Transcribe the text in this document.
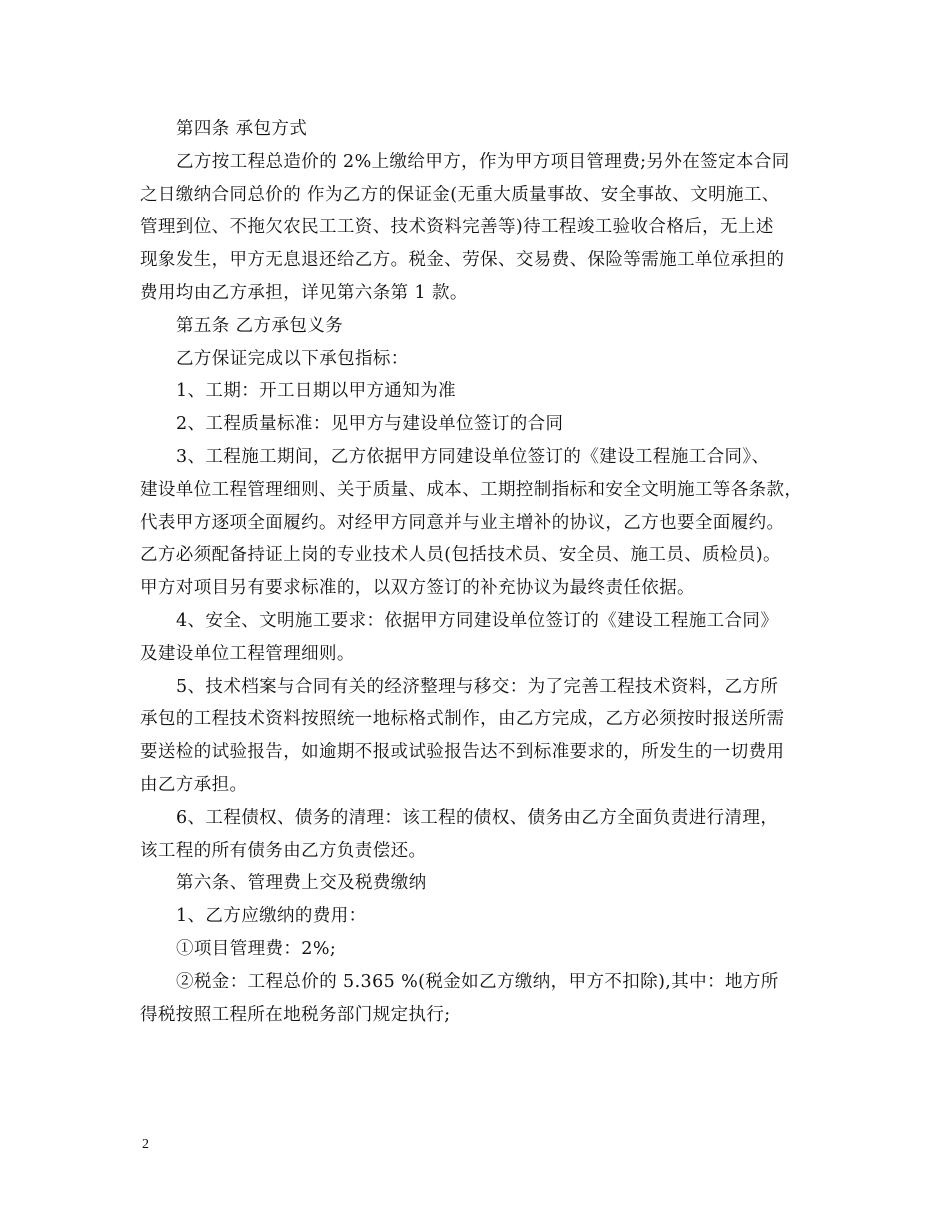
第四条 承包方式
乙方按工程总造价的 2%上缴给甲方，作为甲方项目管理费;另外在签定本合同
之日缴纳合同总价的 作为乙方的保证金(无重大质量事故、安全事故、文明施工、
管理到位、不拖欠农民工工资、技术资料完善等)待工程竣工验收合格后，无上述
现象发生，甲方无息退还给乙方。税金、劳保、交易费、保险等需施工单位承担的
费用均由乙方承担，详见第六条第 1 款。
第五条 乙方承包义务
乙方保证完成以下承包指标：
1、工期：开工日期以甲方通知为准
2、工程质量标准：见甲方与建设单位签订的合同
3、工程施工期间，乙方依据甲方同建设单位签订的《建设工程施工合同》、
建设单位工程管理细则、关于质量、成本、工期控制指标和安全文明施工等各条款，
代表甲方逐项全面履约。对经甲方同意并与业主增补的协议，乙方也要全面履约。
乙方必须配备持证上岗的专业技术人员(包括技术员、安全员、施工员、质检员)。
甲方对项目另有要求标准的，以双方签订的补充协议为最终责任依据。
4、安全、文明施工要求：依据甲方同建设单位签订的《建设工程施工合同》
及建设单位工程管理细则。
5、技术档案与合同有关的经济整理与移交：为了完善工程技术资料，乙方所
承包的工程技术资料按照统一地标格式制作，由乙方完成，乙方必须按时报送所需
要送检的试验报告，如逾期不报或试验报告达不到标准要求的，所发生的一切费用
由乙方承担。
6、工程债权、债务的清理：该工程的债权、债务由乙方全面负责进行清理，
该工程的所有债务由乙方负责偿还。
第六条、管理费上交及税费缴纳
1、乙方应缴纳的费用：
①项目管理费：2%;
②税金：工程总价的 5.365 %(税金如乙方缴纳，甲方不扣除),其中：地方所
得税按照工程所在地税务部门规定执行;
2
